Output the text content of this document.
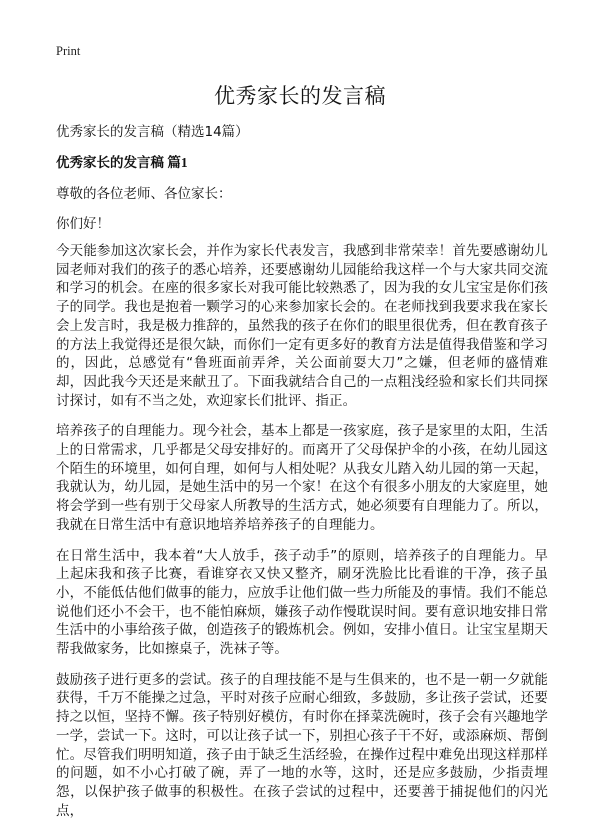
Print
优秀家长的发言稿
优秀家长的发言稿（精选14篇）
优秀家长的发言稿 篇1
尊敬的各位老师、各位家长：
你们好！

今天能参加这次家长会，并作为家长代表发言，我感到非常荣幸！首先要感谢幼儿园老师对我们的孩子的悉心培养，还要感谢幼儿园能给我这样一个与大家共同交流和学习的机会。在座的很多家长对我可能比较熟悉了，因为我的女儿宝宝是你们孩子的同学。我也是抱着一颗学习的心来参加家长会的。在老师找到我要求我在家长会上发言时，我是极力推辞的，虽然我的孩子在你们的眼里很优秀，但在教育孩子的方法上我觉得还是很欠缺，而你们一定有更多好的教育方法是值得我借鉴和学习的，因此，总感觉有“鲁班面前弄斧，关公面前耍大刀”之嫌，但老师的盛情难却，因此我今天还是来献丑了。下面我就结合自己的一点粗浅经验和家长们共同探讨探讨，如有不当之处，欢迎家长们批评、指正。

培养孩子的自理能力。现今社会，基本上都是一孩家庭，孩子是家里的太阳，生活上的日常需求，几乎都是父母安排好的。而离开了父母保护伞的小孩，在幼儿园这个陌生的环境里，如何自理，如何与人相处呢？从我女儿踏入幼儿园的第一天起，我就认为，幼儿园，是她生活中的另一个家！在这个有很多小朋友的大家庭里，她将会学到一些有别于父母家人所教导的生活方式，她必须要有自理能力了。所以，我就在日常生活中有意识地培养培养孩子的自理能力。

在日常生活中，我本着“大人放手，孩子动手”的原则，培养孩子的自理能力。早上起床我和孩子比赛，看谁穿衣又快又整齐，刷牙洗脸比比看谁的干净，孩子虽小，不能低估他们做事的能力，应放手让他们做一些力所能及的事情。我们不能总说他们还小不会干，也不能怕麻烦，嫌孩子动作慢耽误时间。要有意识地安排日常生活中的小事给孩子做，创造孩子的锻炼机会。例如，安排小值日。让宝宝星期天帮我做家务，比如擦桌子，洗袜子等。

鼓励孩子进行更多的尝试。孩子的自理技能不是与生俱来的，也不是一朝一夕就能获得，千万不能操之过急，平时对孩子应耐心细致，多鼓励，多让孩子尝试，还要持之以恒，坚持不懈。孩子特别好模仿，有时你在择菜洗碗时，孩子会有兴趣地学一学，尝试一下。这时，可以让孩子试一下，别担心孩子干不好，或添麻烦、帮倒忙。尽管我们明明知道，孩子由于缺乏生活经验，在操作过程中难免出现这样那样的问题，如不小心打破了碗，弄了一地的水等，这时，还是应多鼓励，少指责埋怨，以保护孩子做事的积极性。在孩子尝试的过程中，还要善于捕捉他们的闪光点，
